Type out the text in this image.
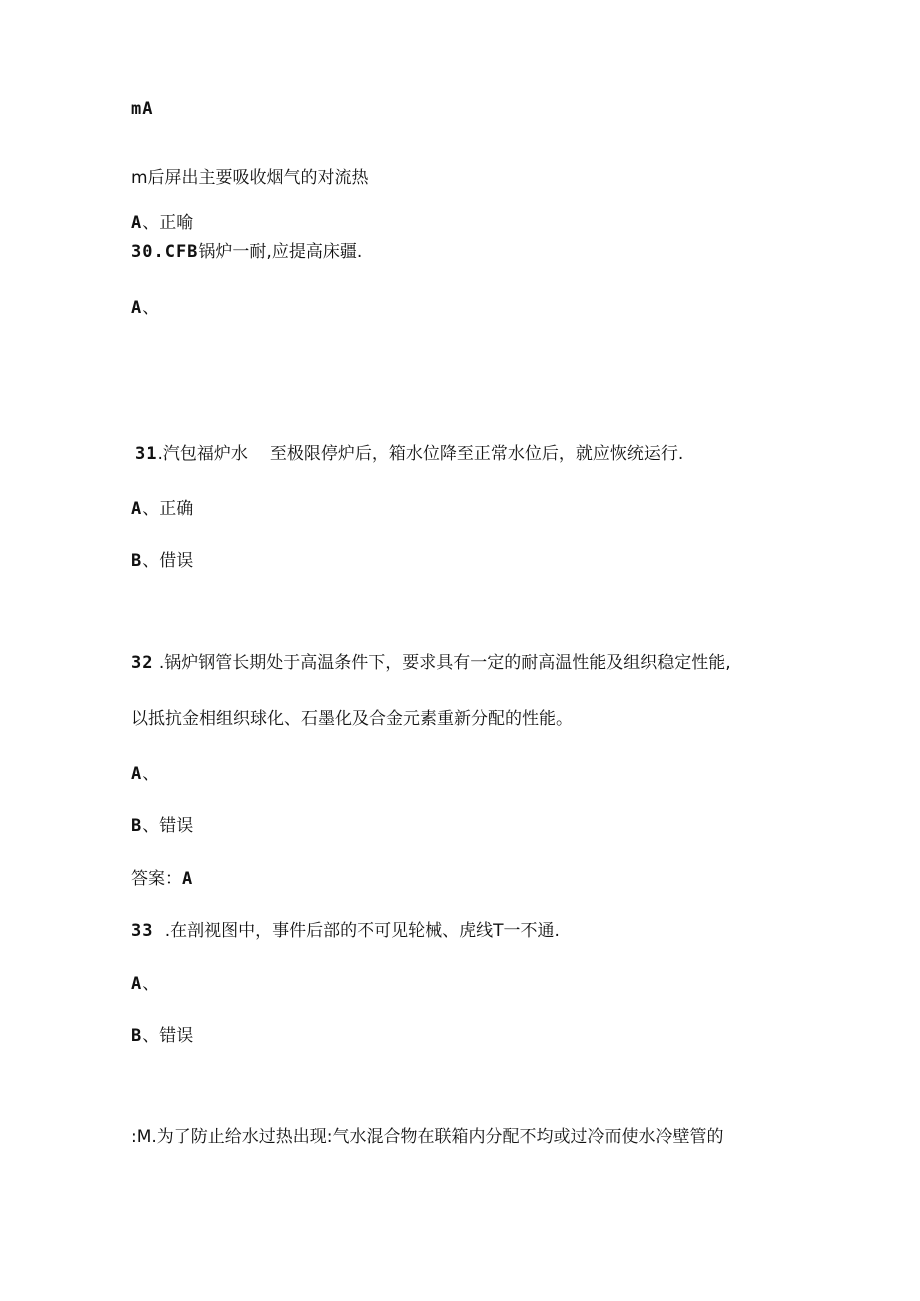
mA
m后屏出主要吸收烟气的对流热
A、正喻
30.CFB锅炉一耐,应提高床疆.
A、
31.汽包福炉水 至极限停炉后，箱水位降至正常水位后，就应恢统运行.
A、正确
B、借误
32 .锅炉钢管长期处于高温条件下，要求具有一定的耐高温性能及组织稳定性能,
以抵抗金相组织球化、石墨化及合金元素重新分配的性能。
A、
B、错误
答案：A
33 .在剖视图中，事件后部的不可见轮械、虎线T一不通.
A、
B、错误
:M.为了防止给水过热出现:气水混合物在联箱内分配不均或过冷而使水冷壁管的
